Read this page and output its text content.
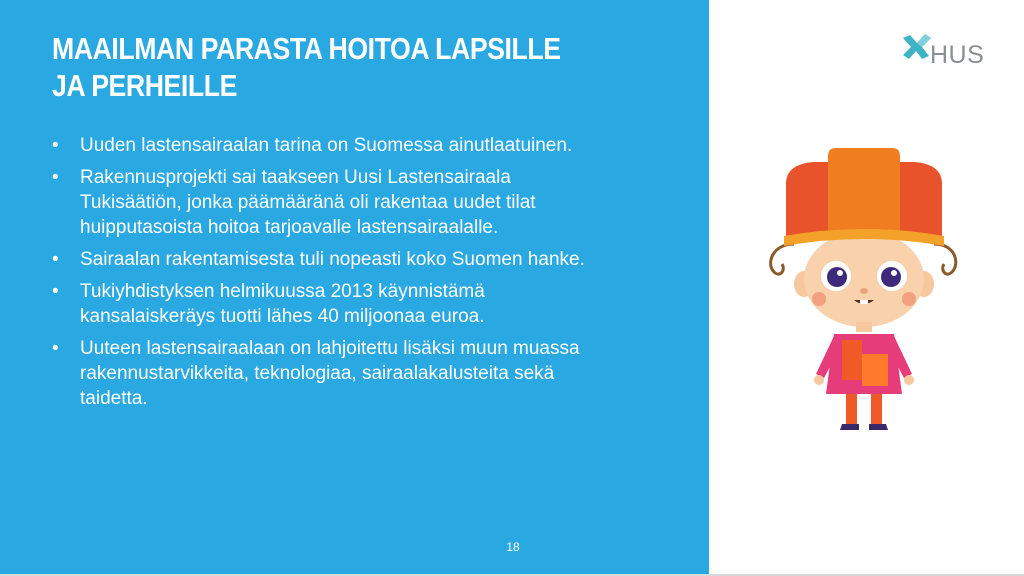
MAAILMAN PARASTA HOITOA LAPSILLE
JA PERHEILLE
• Uuden lastensairaalan tarina on Suomessa ainutlaatuinen.
• Rakennusprojekti sai taakseen Uusi Lastensairaala Tukisäätiön, jonka päämääränä oli rakentaa uudet tilat huipputasoista hoitoa tarjoavalle lastensairaalalle.
• Sairaalan rakentamisesta tuli nopeasti koko Suomen hanke.
• Tukiyhdistyksen helmikuussa 2013 käynnistämä kansalaiskeräys tuotti lähes 40 miljoonaa euroa.
• Uuteen lastensairaalaan on lahjoitettu lisäksi muun muassa rakennustarvikkeita, teknologiaa, sairaalakalusteita sekä taidetta.
18
HUS
